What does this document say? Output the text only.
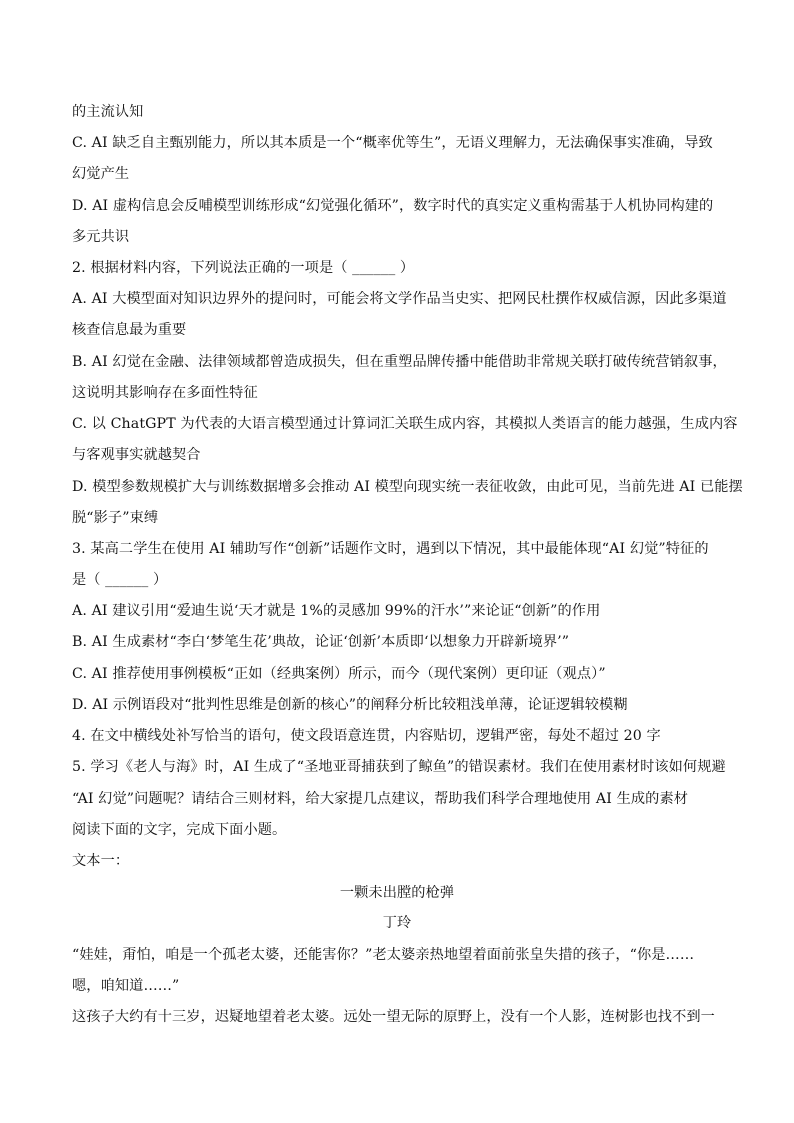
的主流认知
C. AI 缺乏自主甄别能力，所以其本质是一个“概率优等生”，无语义理解力，无法确保事实准确，导致
幻觉产生
D. AI 虚构信息会反哺模型训练形成“幻觉强化循环”，数字时代的真实定义重构需基于人机协同构建的
多元共识
2. 根据材料内容，下列说法正确的一项是（ ______ ）
A. AI 大模型面对知识边界外的提问时，可能会将文学作品当史实、把网民杜撰作权威信源，因此多渠道
核查信息最为重要
B. AI 幻觉在金融、法律领域都曾造成损失，但在重塑品牌传播中能借助非常规关联打破传统营销叙事，
这说明其影响存在多面性特征
C. 以 ChatGPT 为代表的大语言模型通过计算词汇关联生成内容，其模拟人类语言的能力越强，生成内容
与客观事实就越契合
D. 模型参数规模扩大与训练数据增多会推动 AI 模型向现实统一表征收敛，由此可见，当前先进 AI 已能摆
脱“影子”束缚
3. 某高二学生在使用 AI 辅助写作“创新”话题作文时，遇到以下情况，其中最能体现“AI 幻觉”特征的
是（ ______ ）
A. AI 建议引用“爱迪生说‘天才就是 1%的灵感加 99%的汗水’”来论证“创新”的作用
B. AI 生成素材“李白‘梦笔生花’典故，论证‘创新’本质即‘以想象力开辟新境界’”
C. AI 推荐使用事例模板“正如（经典案例）所示，而今（现代案例）更印证（观点）”
D. AI 示例语段对“批判性思维是创新的核心”的阐释分析比较粗浅单薄，论证逻辑较模糊
4. 在文中横线处补写恰当的语句，使文段语意连贯，内容贴切，逻辑严密，每处不超过 20 字
5. 学习《老人与海》时，AI 生成了“圣地亚哥捕获到了鲸鱼”的错误素材。我们在使用素材时该如何规避
“AI 幻觉”问题呢？请结合三则材料，给大家提几点建议，帮助我们科学合理地使用 AI 生成的素材
阅读下面的文字，完成下面小题。
文本一：
一颗未出膛的枪弹
丁玲
“娃娃，甭怕，咱是一个孤老太婆，还能害你？”老太婆亲热地望着面前张皇失措的孩子，“你是……
嗯，咱知道……”
这孩子大约有十三岁，迟疑地望着老太婆。远处一望无际的原野上，没有一个人影，连树影也找不到一
